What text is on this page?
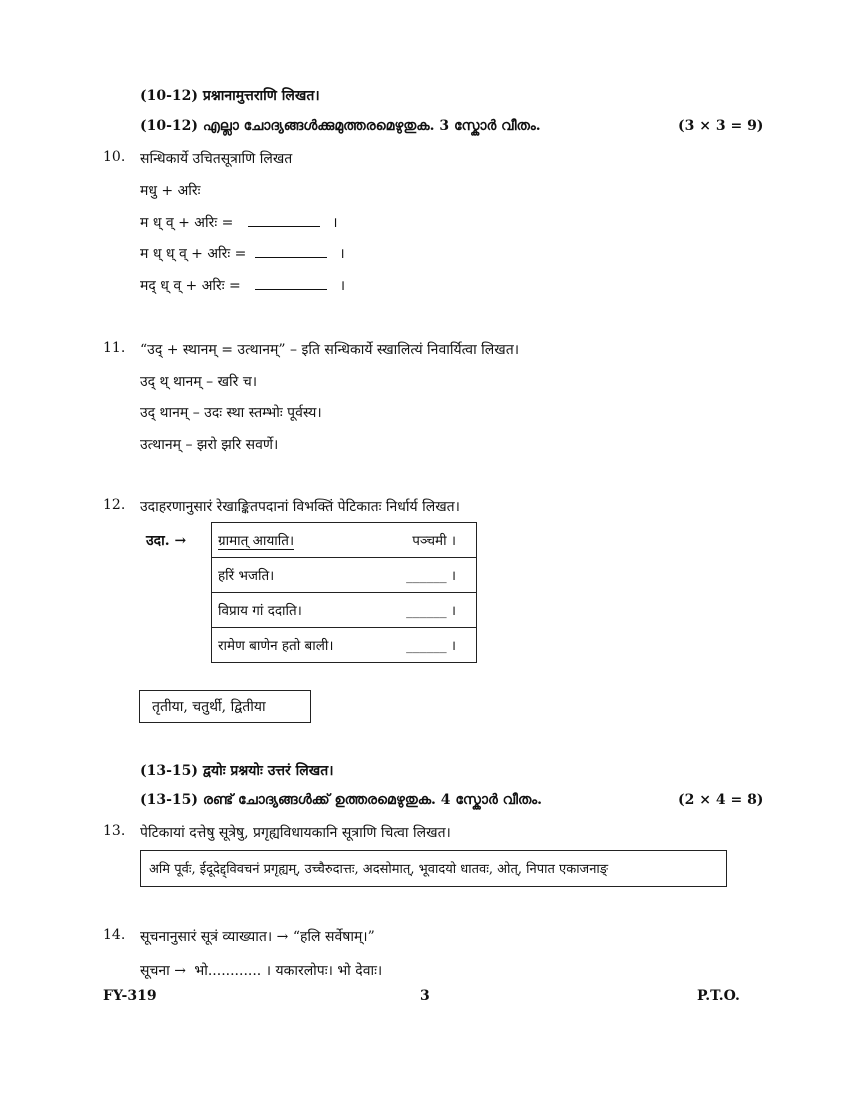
(10-12) प्रश्नानामुत्तराणि लिखत।
(10-12) എല്ലാ ചോദ്യങ്ങൾക്കുമുത്തരമെഴുതുക. 3 സ്കോർ വീതം.	(3 × 3 = 9)
10. सन्धिकार्ये उचितसूत्राणि लिखत
मधु + अरिः
म ध् व् + अरिः =	।
म ध् ध् व् + अरिः =	।
मद् ध् व् + अरिः =	।
11. “उद् + स्थानम् = उत्थानम्” – इति सन्धिकार्ये स्खालित्यं निवार्यित्वा लिखत।
उद् थ् थानम् – खरि च।
उद् थानम् – उदः स्था स्तम्भोः पूर्वस्य।
उत्थानम् – झरो झरि सवर्णे।
12. उदाहरणानुसारं रेखाङ्कितपदानां विभक्तिं पेटिकातः निर्धार्य लिखत।
उदा. → ग्रामात् आयाति।	पञ्चमी ।
हरिं भजति।	______ ।
विप्राय गां ददाति।	______ ।
रामेण बाणेन हतो बाली।	______ ।
तृतीया, चतुर्थी, द्वितीया
(13-15) द्वयोः प्रश्नयोः उत्तरं लिखत।
(13-15) രണ്ട് ചോദ്യങ്ങൾക്ക് ഉത്തരമെഴുതുക. 4 സ്കോർ വീതം.	(2 × 4 = 8)
13. पेटिकायां दत्तेषु सूत्रेषु, प्रगृह्यविधायकानि सूत्राणि चित्वा लिखत।
अमि पूर्वः, ईदूदेद्द्विवचनं प्रगृह्यम्, उच्चैरुदात्तः, अदसोमात्, भूवादयो धातवः, ओत्, निपात एकाजनाङ्
14. सूचनानुसारं सूत्रं व्याख्यात। → “हलि सर्वेषाम्।”
सूचना → भो............ । यकारलोपः। भो देवाः।
FY-319	3	P.T.O.
